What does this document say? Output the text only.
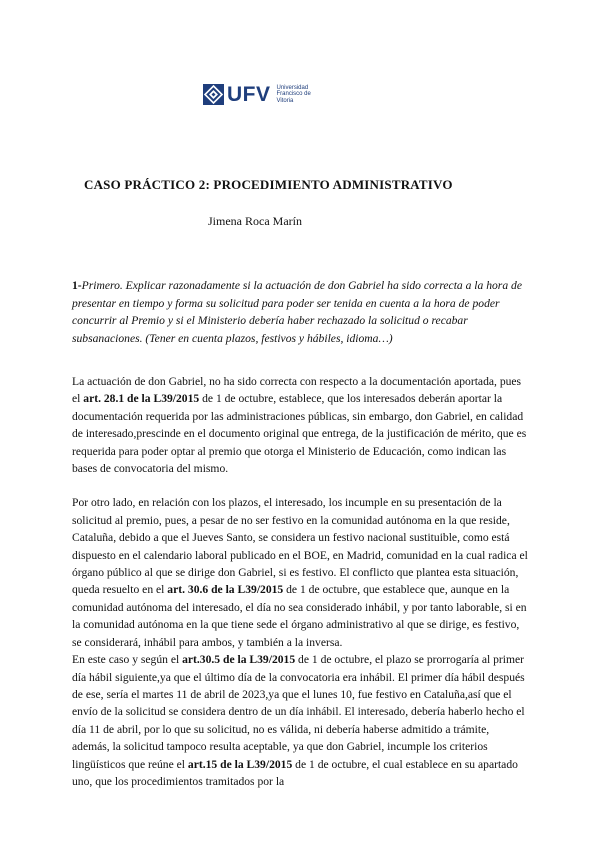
UFV Universidad
Francisco de
Vitoria
CASO PRÁCTICO 2: PROCEDIMIENTO ADMINISTRATIVO
Jimena Roca Marín
1-Primero. Explicar razonadamente si la actuación de don Gabriel ha sido correcta a la hora de presentar en tiempo y forma su solicitud para poder ser tenida en cuenta a la hora de poder concurrir al Premio y si el Ministerio debería haber rechazado la solicitud o recabar subsanaciones. (Tener en cuenta plazos, festivos y hábiles, idioma…)

La actuación de don Gabriel, no ha sido correcta con respecto a la documentación aportada, pues el art. 28.1 de la L39/2015 de 1 de octubre, establece, que los interesados deberán aportar la documentación requerida por las administraciones públicas, sin embargo, don Gabriel, en calidad de interesado,prescinde en el documento original que entrega, de la justificación de mérito, que es requerida para poder optar al premio que otorga el Ministerio de Educación, como indican las bases de convocatoria del mismo.

Por otro lado, en relación con los plazos, el interesado, los incumple en su presentación de la solicitud al premio, pues, a pesar de no ser festivo en la comunidad autónoma en la que reside, Cataluña, debido a que el Jueves Santo, se considera un festivo nacional sustituible, como está dispuesto en el calendario laboral publicado en el BOE, en Madrid, comunidad en la cual radica el órgano público al que se dirige don Gabriel, si es festivo. El conflicto que plantea esta situación, queda resuelto en el art. 30.6 de la L39/2015 de 1 de octubre, que establece que, aunque en la comunidad autónoma del interesado, el día no sea considerado inhábil, y por tanto laborable, si en la comunidad autónoma en la que tiene sede el órgano administrativo al que se dirige, es festivo, se considerará, inhábil para ambos, y también a la inversa.

En este caso y según el art.30.5 de la L39/2015 de 1 de octubre, el plazo se prorrogaría al primer día hábil siguiente,ya que el último día de la convocatoria era inhábil. El primer día hábil después de ese, sería el martes 11 de abril de 2023,ya que el lunes 10, fue festivo en Cataluña,así que el envío de la solicitud se considera dentro de un día inhábil. El interesado, debería haberlo hecho el día 11 de abril, por lo que su solicitud, no es válida, ni debería haberse admitido a trámite, además, la solicitud tampoco resulta aceptable, ya que don Gabriel, incumple los criterios lingüísticos que reúne el art.15 de la L39/2015 de 1 de octubre, el cual establece en su apartado uno, que los procedimientos tramitados por la
